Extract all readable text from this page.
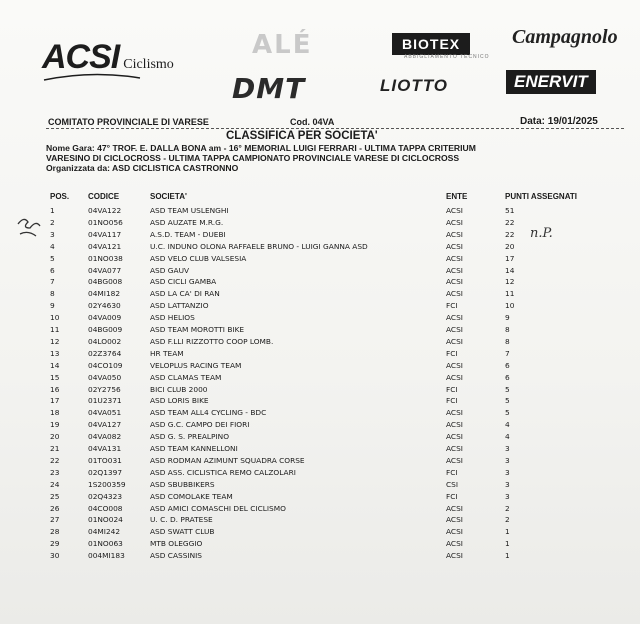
ACSI Ciclismo
ALÉ
DMT
BIOTEX
ABBIGLIAMENTO TECNICO
Campagnolo
LIOTTO	ENERVIT
COMITATO PROVINCIALE DI VARESE	Cod. 04VA	Data: 19/01/2025
CLASSIFICA PER SOCIETA'
Nome Gara: 47° TROF. E. DALLA BONA am - 16° MEMORIAL LUIGI FERRARI - ULTIMA TAPPA CRITERIUM
VARESINO DI CICLOCROSS - ULTIMA TAPPA CAMPIONATO PROVINCIALE VARESE DI CICLOCROSS
Organizzata da: ASD CICLISTICA CASTRONNO
POS. CODICE	SOCIETA'	ENTE	PUNTI ASSEGNATI
1	04VA122	ASD TEAM USLENGHI	ACSI	51
2	01NO056	ASD AUZATE M.R.G.	ACSI	22
3	04VA117	A.S.D. TEAM - DUEBI	ACSI	22
4	04VA121	U.C. INDUNO OLONA RAFFAELE BRUNO - LUIGI GANNA ASD	ACSI	20
5	01NO038	ASD VELO CLUB VALSESIA	ACSI	17
6	04VA077	ASD GAUV	ACSI	14
7	04BG008	ASD CICLI GAMBA	ACSI	12
8	04MI182	ASD LA CA' DI RAN	ACSI	11
9	02Y4630	ASD LATTANZIO	FCI	10
10	04VA009	ASD HELIOS	ACSI	9
11	04BG009	ASD TEAM MOROTTI BIKE	ACSI	8
12	04LO002	ASD F.LLI RIZZOTTO COOP LOMB.	ACSI	8
13	02Z3764	HR TEAM	FCI	7
14	04CO109	VELOPLUS RACING TEAM	ACSI	6
15	04VA050	ASD CLAMAS TEAM	ACSI	6
16	02Y2756	BICI CLUB 2000	FCI	5
17	01U2371	ASD LORIS BIKE	FCI	5
18	04VA051	ASD TEAM ALL4 CYCLING - BDC	ACSI	5
19	04VA127	ASD G.C. CAMPO DEI FIORI	ACSI	4
20	04VA082	ASD G. S. PREALPINO	ACSI	4
21	04VA131	ASD TEAM KANNELLONI	ACSI	3
22	01TO031	ASD RODMAN AZIMUNT SQUADRA CORSE	ACSI	3
23	02Q1397	ASD ASS. CICLISTICA REMO CALZOLARI	FCI	3
24	1S200359	ASD SBUBBIKERS	CSI	3
25	02Q4323	ASD COMOLAKE TEAM	FCI	3
26	04CO008	ASD AMICI COMASCHI DEL CICLISMO	ACSI	2
27	01NO024	U. C. D. PRATESE	ACSI	2
28	04MI242	ASD SWATT CLUB	ACSI	1
29	01NO063	MTB OLEGGIO	ACSI	1
30	004MI183	ASD CASSINIS	ACSI	1
n.P.
